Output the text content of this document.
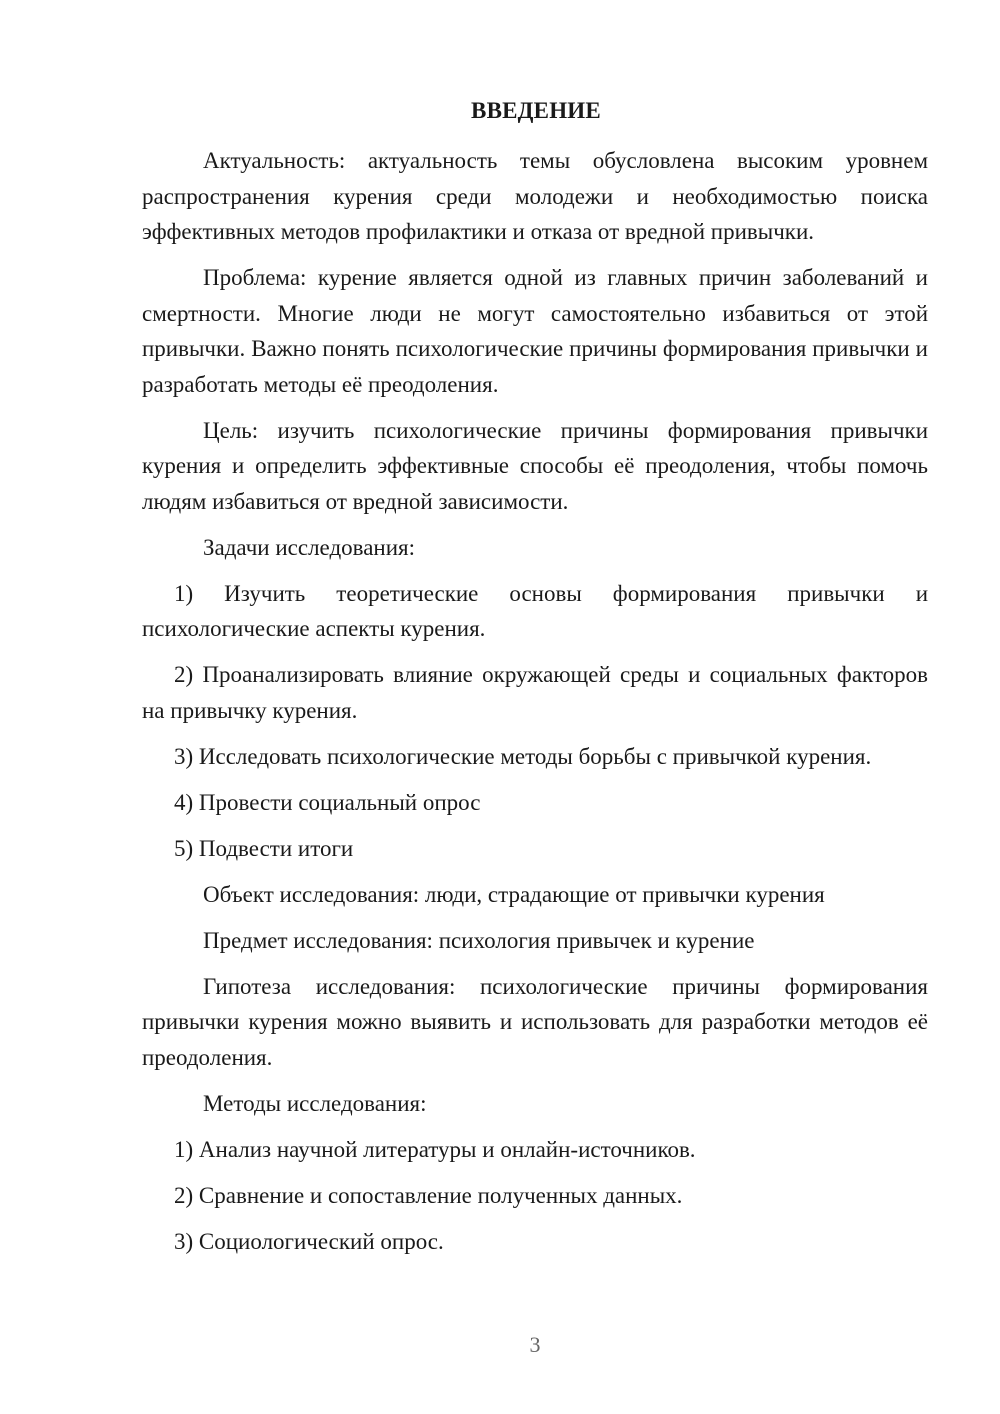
ВВЕДЕНИЕ

Актуальность: актуальность темы обусловлена высоким уровнем распространения курения среди молодежи и необходимостью поиска эффективных методов профилактики и отказа от вредной привычки.

Проблема: курение является одной из главных причин заболеваний и смертности. Многие люди не могут самостоятельно избавиться от этой привычки. Важно понять психологические причины формирования привычки и разработать методы её преодоления.

Цель: изучить психологические причины формирования привычки курения и определить эффективные способы её преодоления, чтобы помочь людям избавиться от вредной зависимости.

Задачи исследования:

1) Изучить теоретические основы формирования привычки и психологические аспекты курения.

2) Проанализировать влияние окружающей среды и социальных факторов на привычку курения.

3) Исследовать психологические методы борьбы с привычкой курения.

4) Провести социальный опрос

5) Подвести итоги

Объект исследования: люди, страдающие от привычки курения

Предмет исследования: психология привычек и курение

Гипотеза исследования: психологические причины формирования привычки курения можно выявить и использовать для разработки методов её преодоления.

Методы исследования:

1) Анализ научной литературы и онлайн-источников.

2) Сравнение и сопоставление полученных данных.

3) Социологический опрос.

3
